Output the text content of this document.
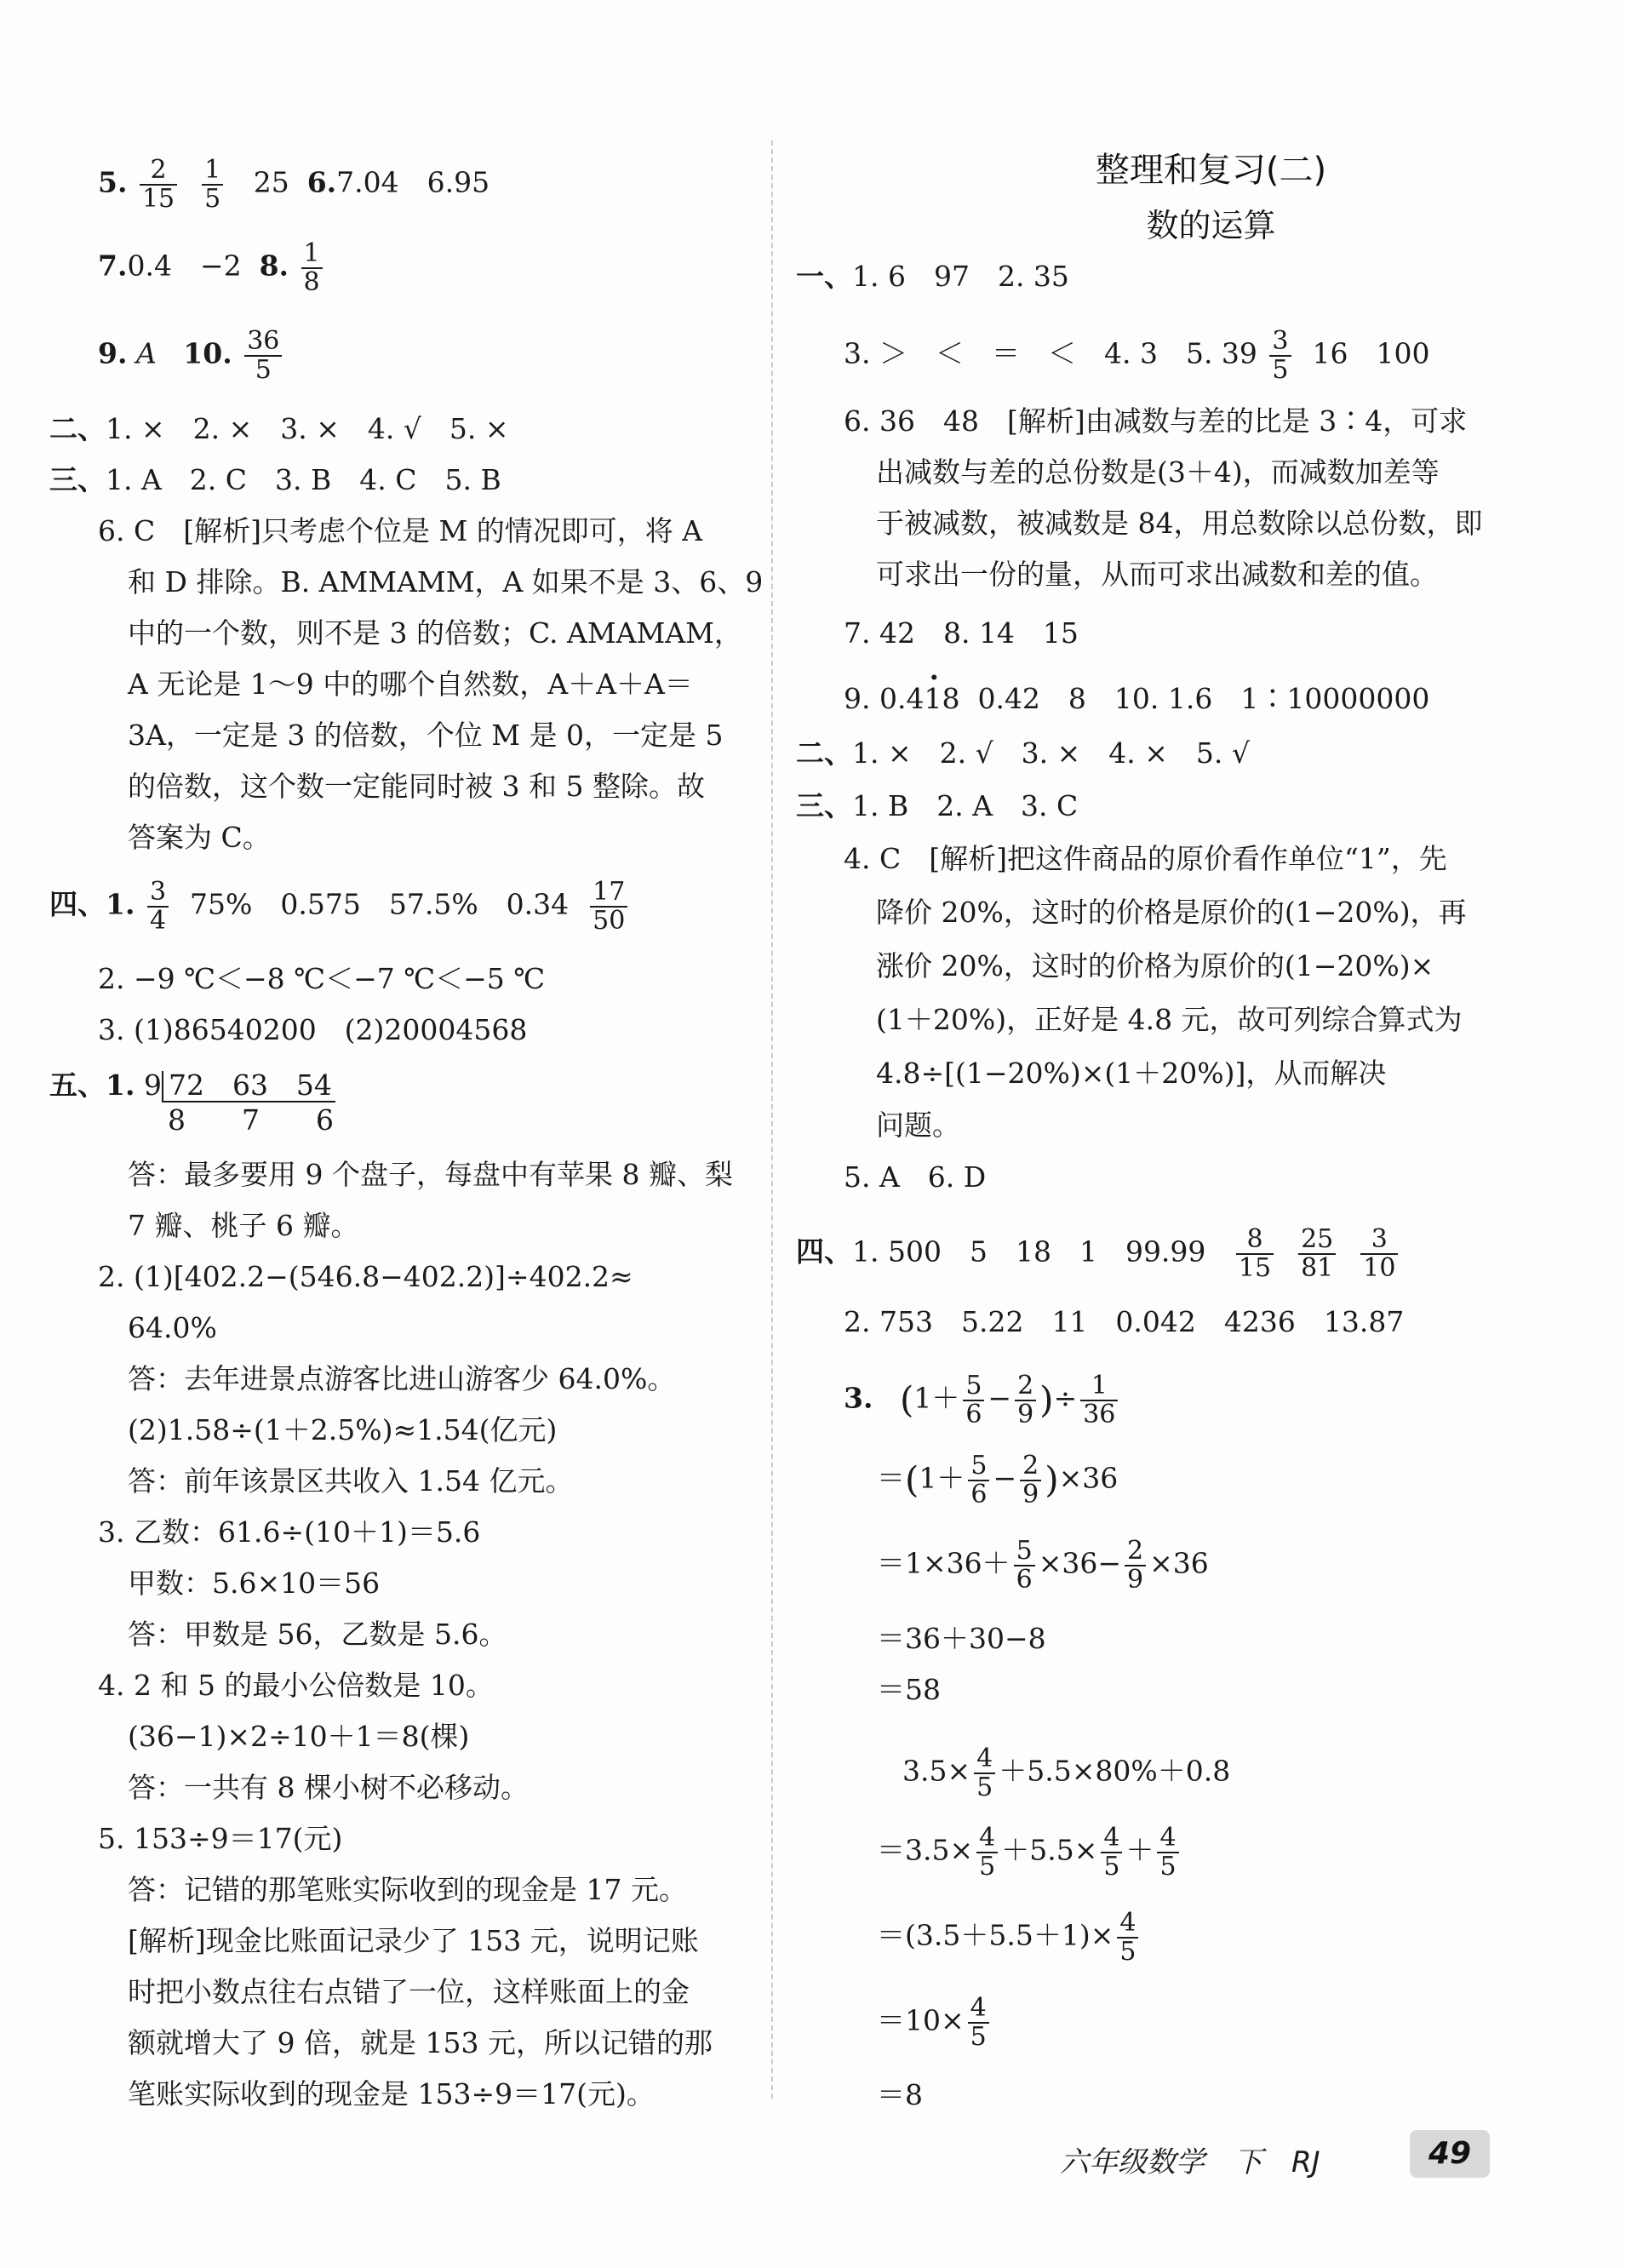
5. $\frac{2}{15}$
$\frac{1}{5} 25$ 6.7.04　6.95
7.0.4　−2 8. $\frac{1}{8}$
9. A 10. $\frac{36}{5}$
二、1. ×　2. ×　3. ×　4. √　5. ×
三、1. A　2. C　3. B　4. C　5. B
6. C　[解析]只考虑个位是 M 的情况即可，将 A
和 D 排除。B. AMMAMM，A 如果不是 3、6、9
中的一个数，则不是 3 的倍数；C. AMAMAM，
A 无论是 1～9 中的哪个自然数，A＋A＋A＝
3A，一定是 3 的倍数，个位 M 是 0，一定是 5
的倍数，这个数一定能同时被 3 和 5 整除。故
答案为 C。
四、1. $\frac{3}{4} 75\%$　0.575　57.5%　$0.34 \frac{17}{50}$
2. −9 ℃＜−8 ℃＜−7 ℃＜−5 ℃
3. (1)86540200　(2)20004568
五、1. 9 72　63　54
8　　7　　6
答：最多要用 9 个盘子，每盘中有苹果 8 瓣、梨
7 瓣、桃子 6 瓣。
2. (1)[402.2−(546.8−402.2)]÷402.2≈
64.0%
答：去年进景点游客比进山游客少 64.0%。
(2)1.58÷(1＋2.5%)≈1.54(亿元)
答：前年该景区共收入 1.54 亿元。
3. 乙数：61.6÷(10＋1)＝5.6
甲数：5.6×10＝56
答：甲数是 56，乙数是 5.6。
4. 2 和 5 的最小公倍数是 10。
(36−1)×2÷10＋1＝8(棵)
答：一共有 8 棵小树不必移动。
5. 153÷9＝17(元)
答：记错的那笔账实际收到的现金是 17 元。
[解析]现金比账面记录少了 153 元，说明记账
时把小数点往右点错了一位，这样账面上的金
额就增大了 9 倍，就是 153 元，所以记错的那
笔账实际收到的现金是 153÷9＝17(元)。
整理和复习(二)
数的运算
一、1. 6　97　2. 35
3. ＞　＜　＝　＜　4. 3　5. $39 \frac{3}{5} 16$　100
6. 36　48　[解析]由减数与差的比是 3∶4，可求
出减数与差的总份数是(3＋4)，而减数加差等
于被减数，被减数是 84，用总数除以总份数，即
可求出一份的量，从而可求出减数和差的值。
7. 42　8. 14　15
9. 0.4· 18 0.42　8　10. 1.6　1∶10000000
二、1. ×　2. √　3. ×　4. ×　5. √
三、1. B　2. A　3. C
4. C　[解析]把这件商品的原价看作单位“1”，先
降价 20%，这时的价格是原价的(1−20%)，再
涨价 20%，这时的价格为原价的(1−20%)×
(1＋20%)，正好是 4.8 元，故可列综合算式为
4.8÷[(1−20%)×(1＋20%)]，从而解决
问题。
5. A　6. D
四、1. 500　5　18　1　$99.99 \frac{8}{15}$
$\frac{25}{81}$
$\frac{3}{10}$
2. 753　5.22　11　0.042　4236　13.87
3. ($1+ \frac{5}{6} - \frac{2}{9}$ )÷ $\frac{1}{36}$
$=(1+ \frac{5}{6} - \frac{2}{9} )\times 36$
$=1\times 36+ \frac{5}{6} \times 36- \frac{2}{9} \times 36$
＝36＋30−8
＝58
$3.5\times \frac{4}{5} +5.5\times 80\%+0.8$
$=3.5\times \frac{4}{5} +5.5\times \frac{4}{5} + \frac{4}{5}$
$=(3.5+5.5+1)\times \frac{4}{5}$
$=10\times \frac{4}{5}$
＝8
六年级数学　下　RJ	49
